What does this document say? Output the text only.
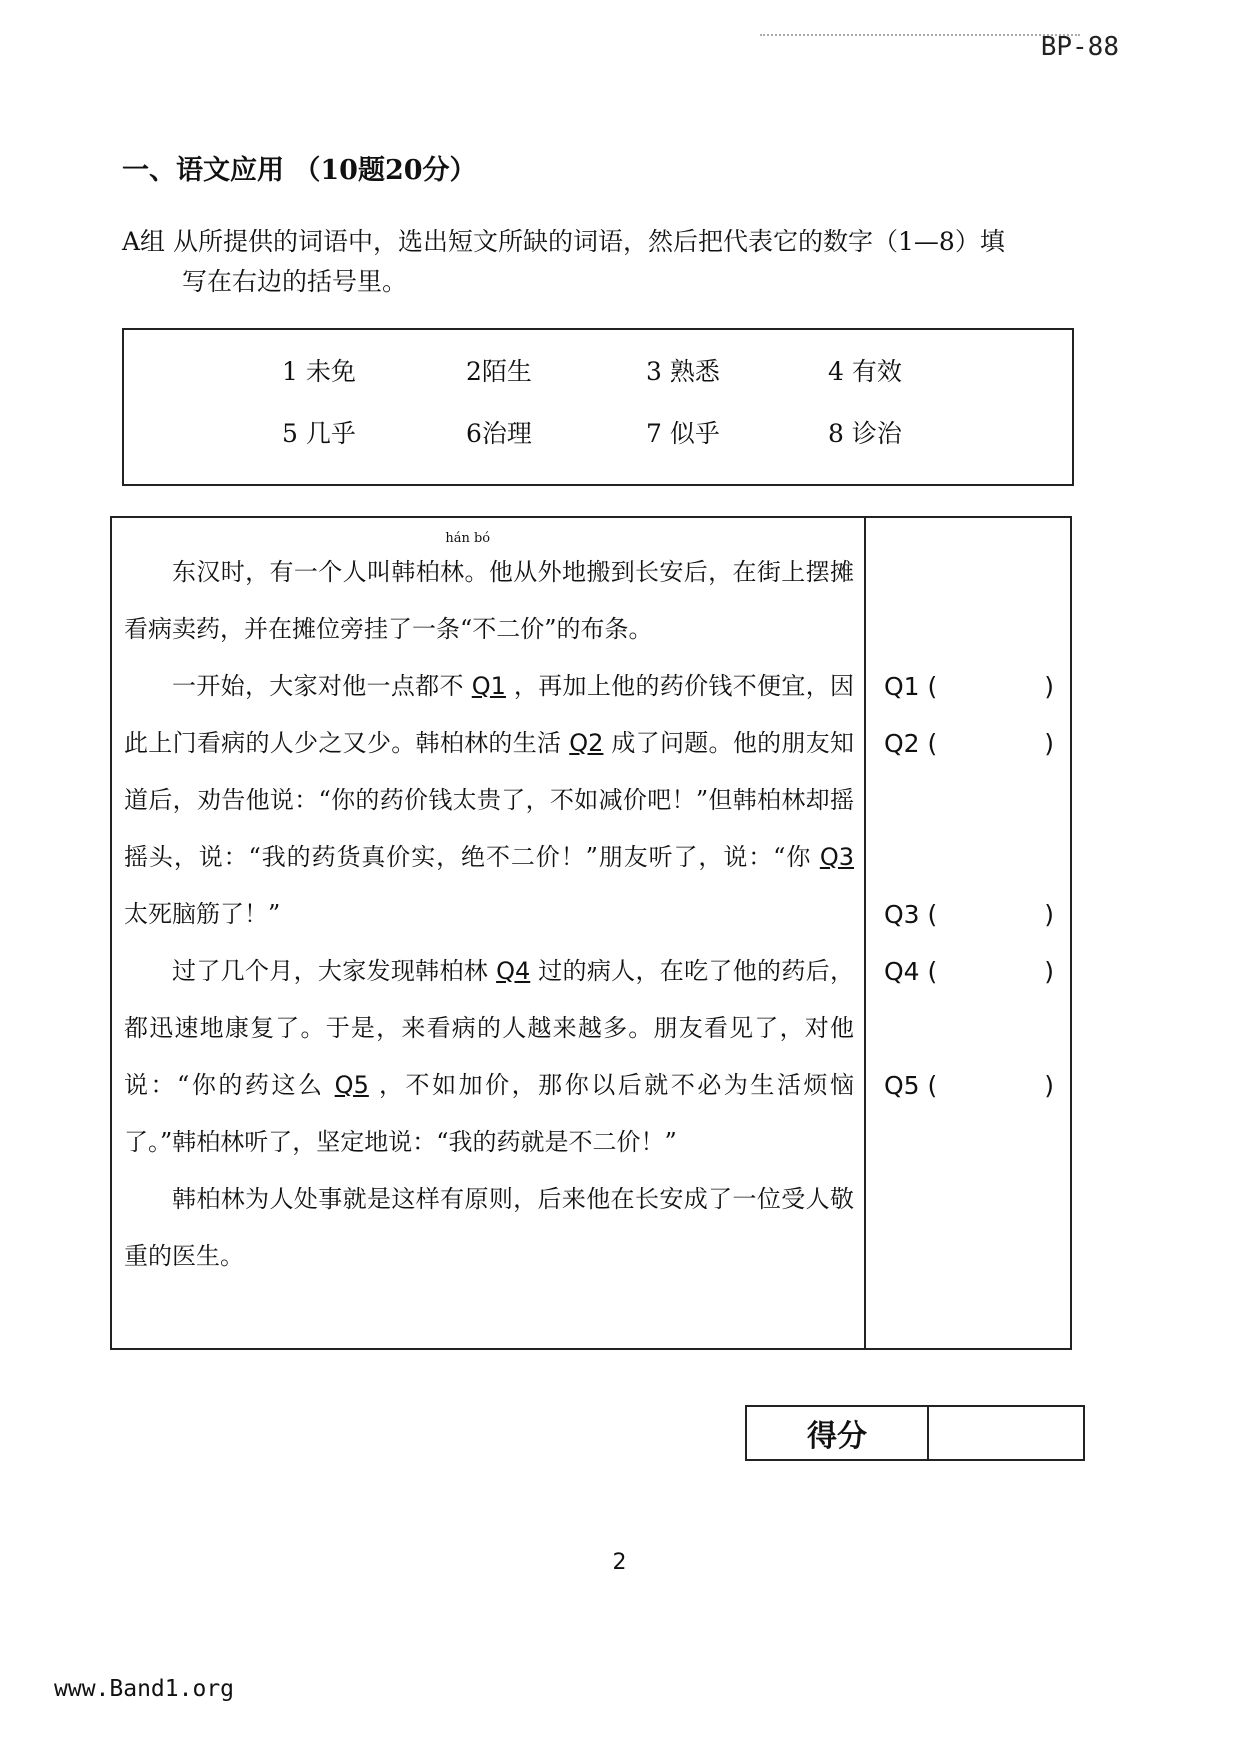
BP-88
一、语文应用 （10题20分）
A组 从所提供的词语中，选出短文所缺的词语，然后把代表它的数字（1—8）填
写在右边的括号里。
1 未免	2陌生	3 熟悉	4 有效
5 几乎	6治理	7 似乎	8 诊治

东汉时，有一个人叫
hán bó
韩柏林。他从外地搬到长安后，在街上摆摊看病卖药，并在摊位旁挂了一条“不二价”的布条。

一开始，大家对他一点都不 Q1 ，再加上他的药价钱不便宜，因此上门看病的人少之又少。韩柏林的生活 Q2 成了问题。他的朋友知道后，劝告他说：“你的药价钱太贵了，不如减价吧！”但韩柏林却摇摇头，说：“我的药货真价实，绝不二价！”朋友听了，说：“你 Q3 太死脑筋了！”

过了几个月，大家发现韩柏林 Q4 过的病人，在吃了他的药后，都迅速地康复了。于是，来看病的人越来越多。朋友看见了，对他说：“你的药这么 Q5 ，不如加价，那你以后就不必为生活烦恼了。”韩柏林听了，坚定地说：“我的药就是不二价！”

韩柏林为人处事就是这样有原则，后来他在长安成了一位受人敬重的医生。

Q1 (	)
Q2 (	)
Q3 (	)
Q4 (	)
Q5 (	)
得分
2
www.Band1.org
